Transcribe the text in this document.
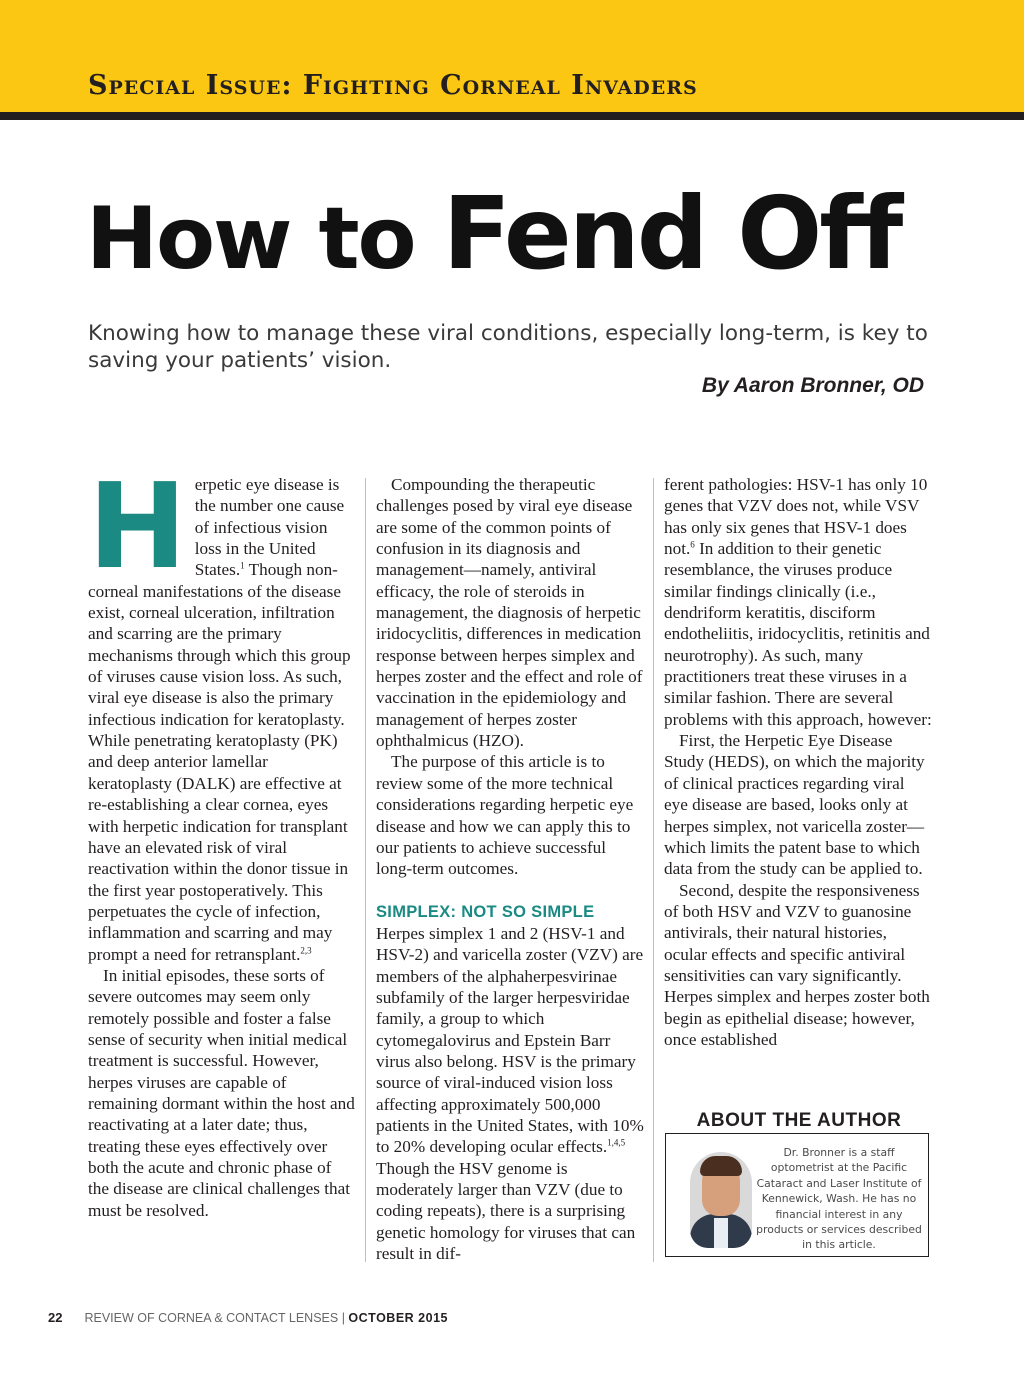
Special Issue: Fighting Corneal Invaders
How to Fend Off
Knowing how to manage these viral conditions, especially long-term, is key to saving your patients’ vision.
By Aaron Bronner, OD
H erpetic eye disease is the number one cause of infectious vision loss in the United States.$^1$ Though non-corneal manifestations of the disease exist, corneal ulceration, infiltration and scarring are the primary mechanisms through which this group of viruses cause vision loss. As such, viral eye disease is also the primary infectious indication for keratoplasty.

While penetrating keratoplasty (PK) and deep anterior lamellar keratoplasty (DALK) are effective at re-establishing a clear cornea, eyes with herpetic indication for transplant have an elevated risk of viral reactivation within the donor tissue in the first year postoperatively. This perpetuates the cycle of infection, inflammation and scarring and may prompt a need for retransplant.$^{2,3}$

In initial episodes, these sorts of severe outcomes may seem only remotely possible and foster a false sense of security when initial medical treatment is successful. However, herpes viruses are capable of remaining dormant within the host and reactivating at a later date; thus, treating these eyes effectively over both the acute and chronic phase of the disease are clinical challenges that must be resolved.

Compounding the therapeutic challenges posed by viral eye disease are some of the common points of confusion in its diagnosis and management—namely, antiviral efficacy, the role of steroids in management, the diagnosis of herpetic iridocyclitis, differences in medication response between herpes simplex and herpes zoster and the effect and role of vaccination in the epidemiology and management of herpes zoster ophthalmicus (HZO).

The purpose of this article is to review some of the more technical considerations regarding herpetic eye disease and how we can apply this to our patients to achieve successful long-term outcomes.

SIMPLEX: NOT SO SIMPLE

Herpes simplex 1 and 2 (HSV-1 and HSV-2) and varicella zoster (VZV) are members of the alphaherpesvirinae subfamily of the larger herpesviridae family, a group to which cytomegalovirus and Epstein Barr virus also belong. HSV is the primary source of viral-induced vision loss affecting approximately 500,000 patients in the United States, with 10% to 20% developing ocular effects.$^{1,4,5}$ Though the HSV genome is moderately larger than VZV (due to coding repeats), there is a surprising genetic homology for viruses that can result in dif-

ferent pathologies: HSV-1 has only 10 genes that VZV does not, while VSV has only six genes that HSV-1 does not.$^6$ In addition to their genetic resemblance, the viruses produce similar findings clinically (i.e., dendriform keratitis, disciform endotheliitis, iridocyclitis, retinitis and neurotrophy). As such, many practitioners treat these viruses in a similar fashion. There are several problems with this approach, however:

First, the Herpetic Eye Disease Study (HEDS), on which the majority of clinical practices regarding viral eye disease are based, looks only at herpes simplex, not varicella zoster—which limits the patent base to which data from the study can be applied to.

Second, despite the responsiveness of both HSV and VZV to guanosine antivirals, their natural histories, ocular effects and specific antiviral sensitivities can vary significantly. Herpes simplex and herpes zoster both begin as epithelial disease; however, once established

ABOUT THE AUTHOR
Dr. Bronner is a staff optometrist at the Pacific Cataract and Laser Institute of Kennewick, Wash. He has no financial interest in any products or services described in this article.
22 REVIEW OF CORNEA & CONTACT LENSES | OCTOBER 2015
